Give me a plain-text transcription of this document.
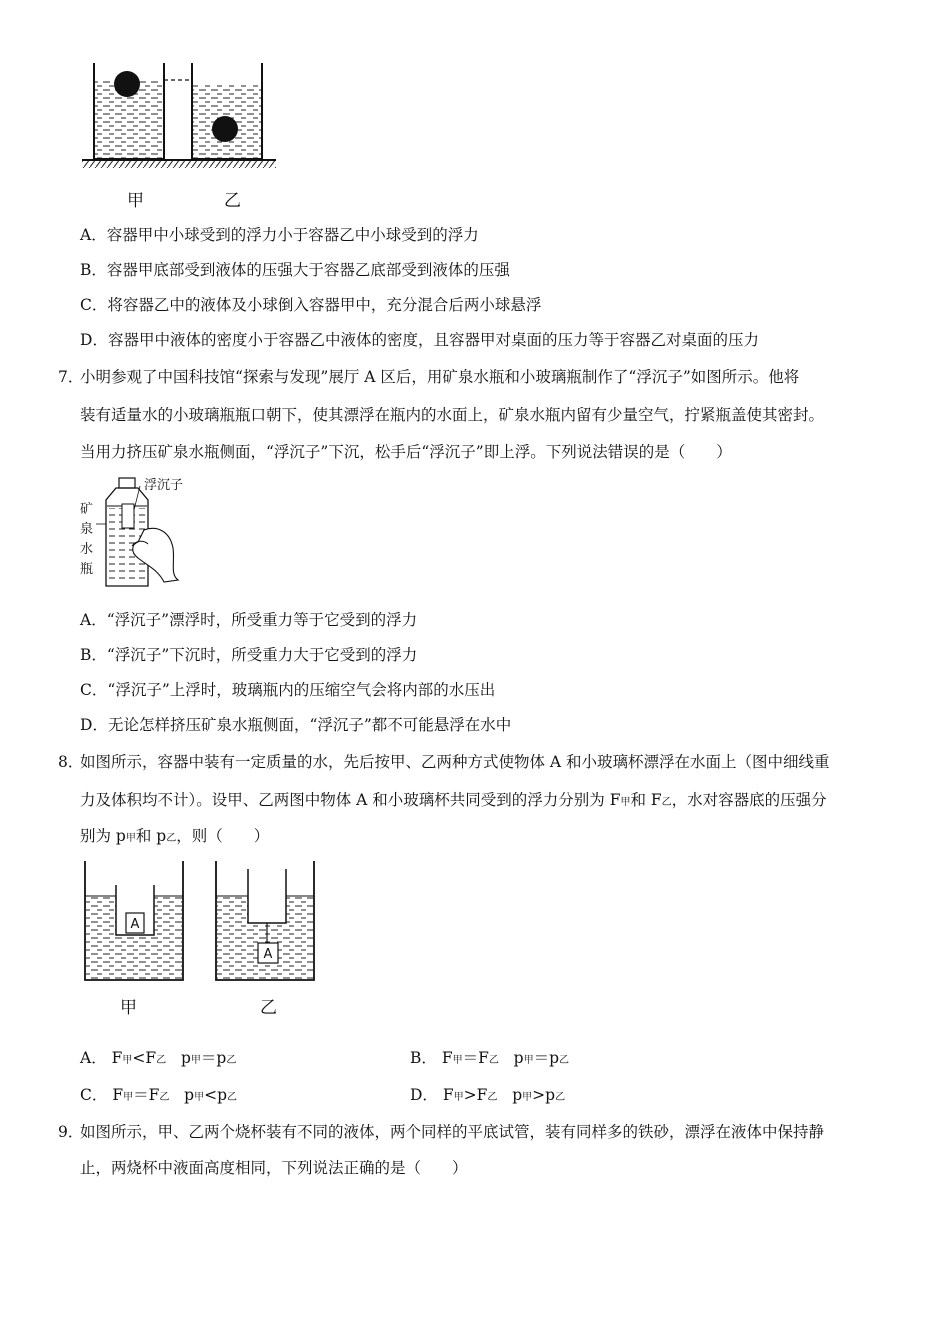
甲	乙
A．容器甲中小球受到的浮力小于容器乙中小球受到的浮力
B．容器甲底部受到液体的压强大于容器乙底部受到液体的压强
C．将容器乙中的液体及小球倒入容器甲中，充分混合后两小球悬浮
D．容器甲中液体的密度小于容器乙中液体的密度，且容器甲对桌面的压力等于容器乙对桌面的压力
7．
小明参观了中国科技馆“探索与发现”展厅 A 区后，用矿泉水瓶和小玻璃瓶制作了“浮沉子”如图所示。他将
装有适量水的小玻璃瓶瓶口朝下，使其漂浮在瓶内的水面上，矿泉水瓶内留有少量空气，拧紧瓶盖使其密封。
当用力挤压矿泉水瓶侧面，“浮沉子”下沉，松手后“浮沉子”即上浮。下列说法错误的是（　　）
浮沉子
矿
泉
水
瓶
A．“浮沉子”漂浮时，所受重力等于它受到的浮力
B．“浮沉子”下沉时，所受重力大于它受到的浮力
C．“浮沉子”上浮时，玻璃瓶内的压缩空气会将内部的水压出
D．无论怎样挤压矿泉水瓶侧面，“浮沉子”都不可能悬浮在水中
8．
如图所示，容器中装有一定质量的水，先后按甲、乙两种方式使物体 A 和小玻璃杯漂浮在水面上（图中细线重
力及体积均不计）。设甲、乙两图中物体 A 和小玻璃杯共同受到的浮力分别为 F甲和 F乙，水对容器底的压强分
别为 p甲和 p乙，则（　　）
A
A
甲	乙
A． F甲<F乙 p甲＝p乙	B． F甲＝F乙 p甲＝p乙
C． F甲＝F乙 p甲<p乙	D． F甲>F乙 p甲>p乙
9．
如图所示，甲、乙两个烧杯装有不同的液体，两个同样的平底试管，装有同样多的铁砂，漂浮在液体中保持静
止，两烧杯中液面高度相同，下列说法正确的是（　　）
